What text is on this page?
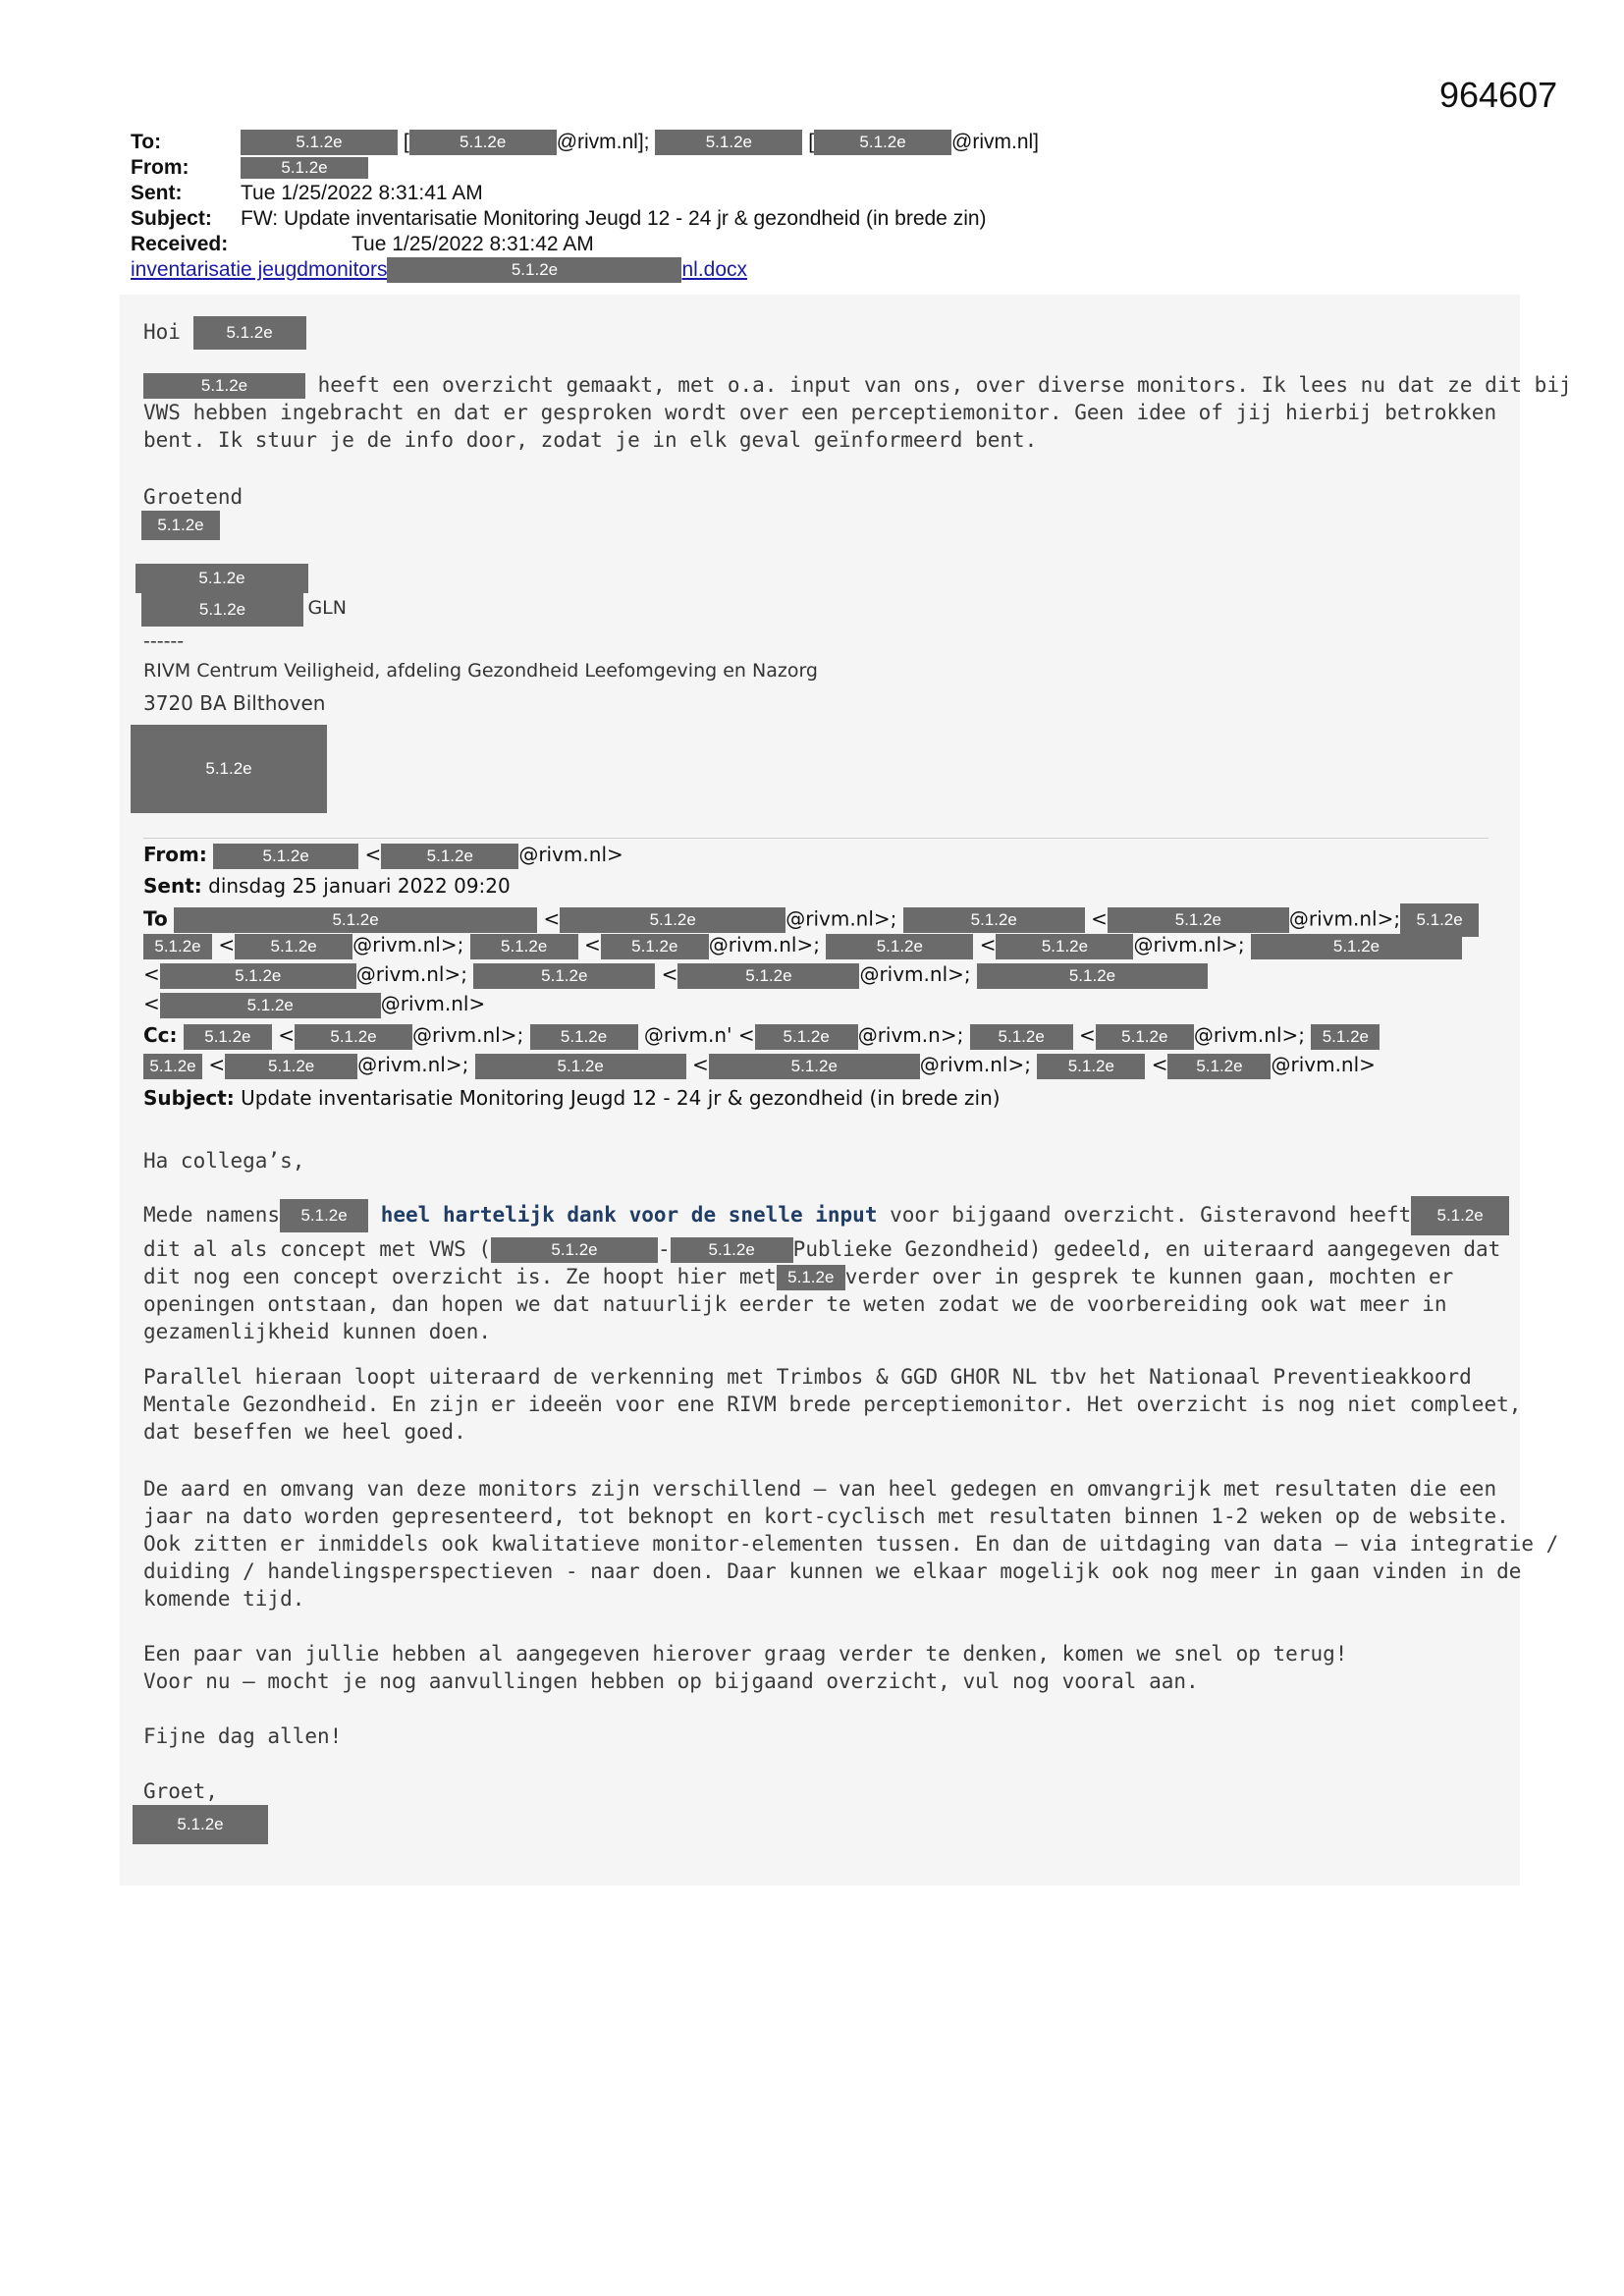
964607
To:	5.1.2e	[	5.1.2e @rivm.nl];	5.1.2e [	5.1.2e @rivm.nl]
From:	5.1.2e
Sent:	Tue 1/25/2022 8:31:41 AM
Subject: FW: Update inventarisatie Monitoring Jeugd 12 - 24 jr & gezondheid (in brede zin)
Received:	Tue 1/25/2022 8:31:42 AM
inventarisatie jeugdmonitors	5.1.2e	nl.docx
Hoi	5.1.2e
5.1.2e	heeft een overzicht gemaakt, met o.a. input van ons, over diverse monitors. Ik lees nu dat ze dit bij
VWS hebben ingebracht en dat er gesproken wordt over een perceptiemonitor. Geen idee of jij hierbij betrokken
bent. Ik stuur je de info door, zodat je in elk geval geïnformeerd bent.
Groetend
5.1.2e
5.1.2e
5.1.2e	GLN
------
RIVM Centrum Veiligheid, afdeling Gezondheid Leefomgeving en Nazorg
3720 BA Bilthoven
5.1.2e
From:	5.1.2e	<	5.1.2e @rivm.nl>
Sent: dinsdag 25 januari 2022 09:20
To	5.1.2e	<	5.1.2e	@rivm.nl>;	5.1.2e	<	5.1.2e	@rivm.nl>; 5.1.2e
5.1.2e < 5.1.2e @rivm.nl>; 5.1.2e < 5.1.2e @rivm.nl>;	5.1.2e	<	5.1.2e @rivm.nl>;	5.1.2e
<	5.1.2e	@rivm.nl>;	5.1.2e	<	5.1.2e	@rivm.nl>;	5.1.2e
<	5.1.2e	@rivm.nl>
Cc: 5.1.2e < 5.1.2e @rivm.nl>; 5.1.2e @rivm.n' < 5.1.2e @rivm.n>; 5.1.2e < 5.1.2e @rivm.nl>; 5.1.2e
5.1.2e <	5.1.2e @rivm.nl>;	5.1.2e	<	5.1.2e	@rivm.nl>; 5.1.2e < 5.1.2e @rivm.nl>
Subject: Update inventarisatie Monitoring Jeugd 12 - 24 jr & gezondheid (in brede zin)
Ha collega’s,
Mede namens 5.1.2e heel hartelijk dank voor de snelle input voor bijgaand overzicht. Gisteravond heeft 5.1.2e
dit al als concept met VWS (	5.1.2e	- 5.1.2e Publieke Gezondheid) gedeeld, en uiteraard aangegeven dat
dit nog een concept overzicht is. Ze hoopt hier met 5.1.2e verder over in gesprek te kunnen gaan, mochten er
openingen ontstaan, dan hopen we dat natuurlijk eerder te weten zodat we de voorbereiding ook wat meer in
gezamenlijkheid kunnen doen.
Parallel hieraan loopt uiteraard de verkenning met Trimbos & GGD GHOR NL tbv het Nationaal Preventieakkoord
Mentale Gezondheid. En zijn er ideeën voor ene RIVM brede perceptiemonitor. Het overzicht is nog niet compleet,
dat beseffen we heel goed.
De aard en omvang van deze monitors zijn verschillend – van heel gedegen en omvangrijk met resultaten die een
jaar na dato worden gepresenteerd, tot beknopt en kort-cyclisch met resultaten binnen 1-2 weken op de website.
Ook zitten er inmiddels ook kwalitatieve monitor-elementen tussen. En dan de uitdaging van data – via integratie /
duiding / handelingsperspectieven - naar doen. Daar kunnen we elkaar mogelijk ook nog meer in gaan vinden in de
komende tijd.
Een paar van jullie hebben al aangegeven hierover graag verder te denken, komen we snel op terug!
Voor nu – mocht je nog aanvullingen hebben op bijgaand overzicht, vul nog vooral aan.
Fijne dag allen!
Groet,
5.1.2e
